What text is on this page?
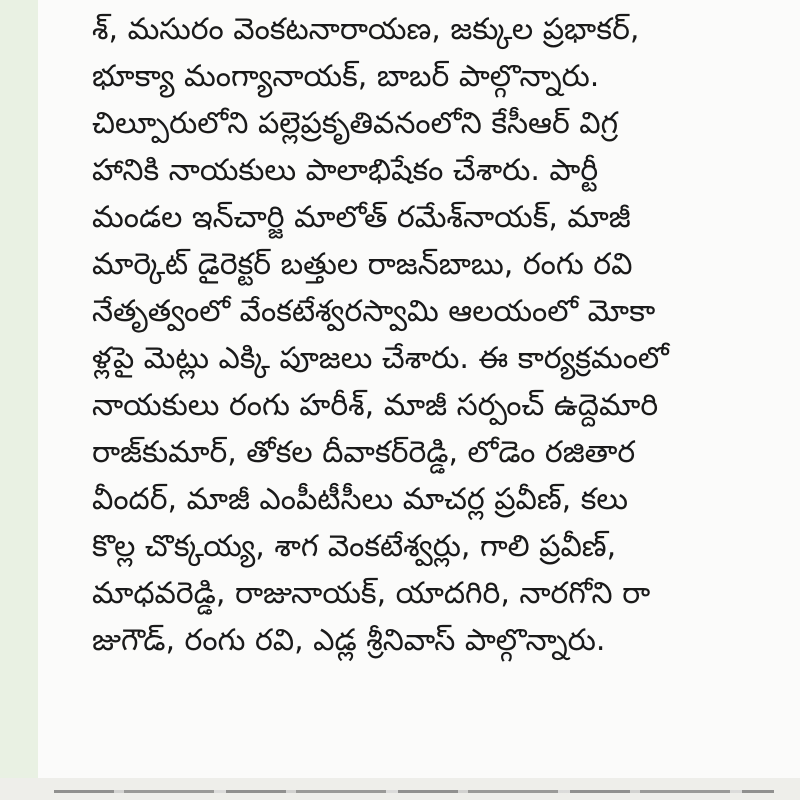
శ్, మసురం వెంకటనారాయణ, జక్కుల ప్రభాకర్,
భూక్యా మంగ్యానాయక్, బాబర్ పాల్గొన్నారు.
చిల్పూరులోని పల్లెప్రకృతివనంలోని కేసీఆర్ విగ్ర
హానికి నాయకులు పాలాభిషేకం చేశారు. పార్టీ
మండల ఇన్‌చార్జి మాలోత్ రమేశ్‌నాయక్, మాజీ
మార్కెట్ డైరెక్టర్ బత్తుల రాజన్‌బాబు, రంగు రవి
నేతృత్వంలో వేంకటేశ్వరస్వామి ఆలయంలో మోకా
ళ్లపై మెట్లు ఎక్కి పూజలు చేశారు. ఈ కార్యక్రమంలో
నాయకులు రంగు హరీశ్, మాజీ సర్పంచ్ ఉద్దెమారి
రాజ్‌కుమార్, తోకల దీవాకర్‌రెడ్డి, లోడెం రజితార
వీందర్, మాజీ ఎంపీటీసీలు మాచర్ల ప్రవీణ్, కలు
కొల్ల చొక్కయ్య, శాగ వెంకటేశ్వర్లు, గాలి ప్రవీణ్,
మాధవరెడ్డి, రాజునాయక్, యాదగిరి, నారగోని రా
జుగౌడ్, రంగు రవి, ఎడ్ల శ్రీనివాస్ పాల్గొన్నారు.
